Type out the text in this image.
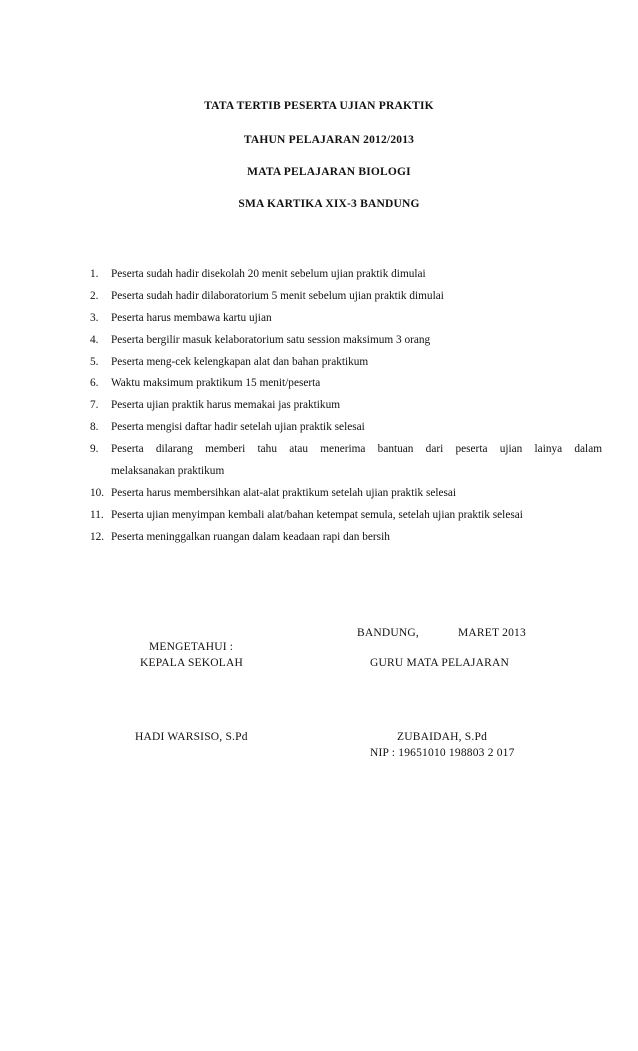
TATA TERTIB PESERTA UJIAN PRAKTIK
TAHUN PELAJARAN 2012/2013
MATA PELAJARAN BIOLOGI
SMA KARTIKA XIX-3 BANDUNG
1.	Peserta sudah hadir disekolah 20 menit sebelum ujian praktik dimulai
2.	Peserta sudah hadir dilaboratorium 5 menit sebelum ujian praktik dimulai
3.	Peserta harus membawa kartu ujian
4.	Peserta bergilir masuk kelaboratorium satu session maksimum 3 orang
5.	Peserta meng-cek kelengkapan alat dan bahan praktikum
6.	Waktu maksimum praktikum 15 menit/peserta
7.	Peserta ujian praktik harus memakai jas praktikum
8.	Peserta mengisi daftar hadir setelah ujian praktik selesai
9.	Peserta dilarang memberi tahu atau menerima bantuan dari peserta ujian lainya dalam
melaksanakan praktikum
10. Peserta harus membersihkan alat-alat praktikum setelah ujian praktik selesai
11. Peserta ujian menyimpan kembali alat/bahan ketempat semula, setelah ujian praktik selesai
12. Peserta meninggalkan ruangan dalam keadaan rapi dan bersih
BANDUNG,	MARET 2013
MENGETAHUI :
KEPALA SEKOLAH	GURU MATA PELAJARAN
HADI WARSISO, S.Pd	ZUBAIDAH, S.Pd
NIP : 19651010 198803 2 017
